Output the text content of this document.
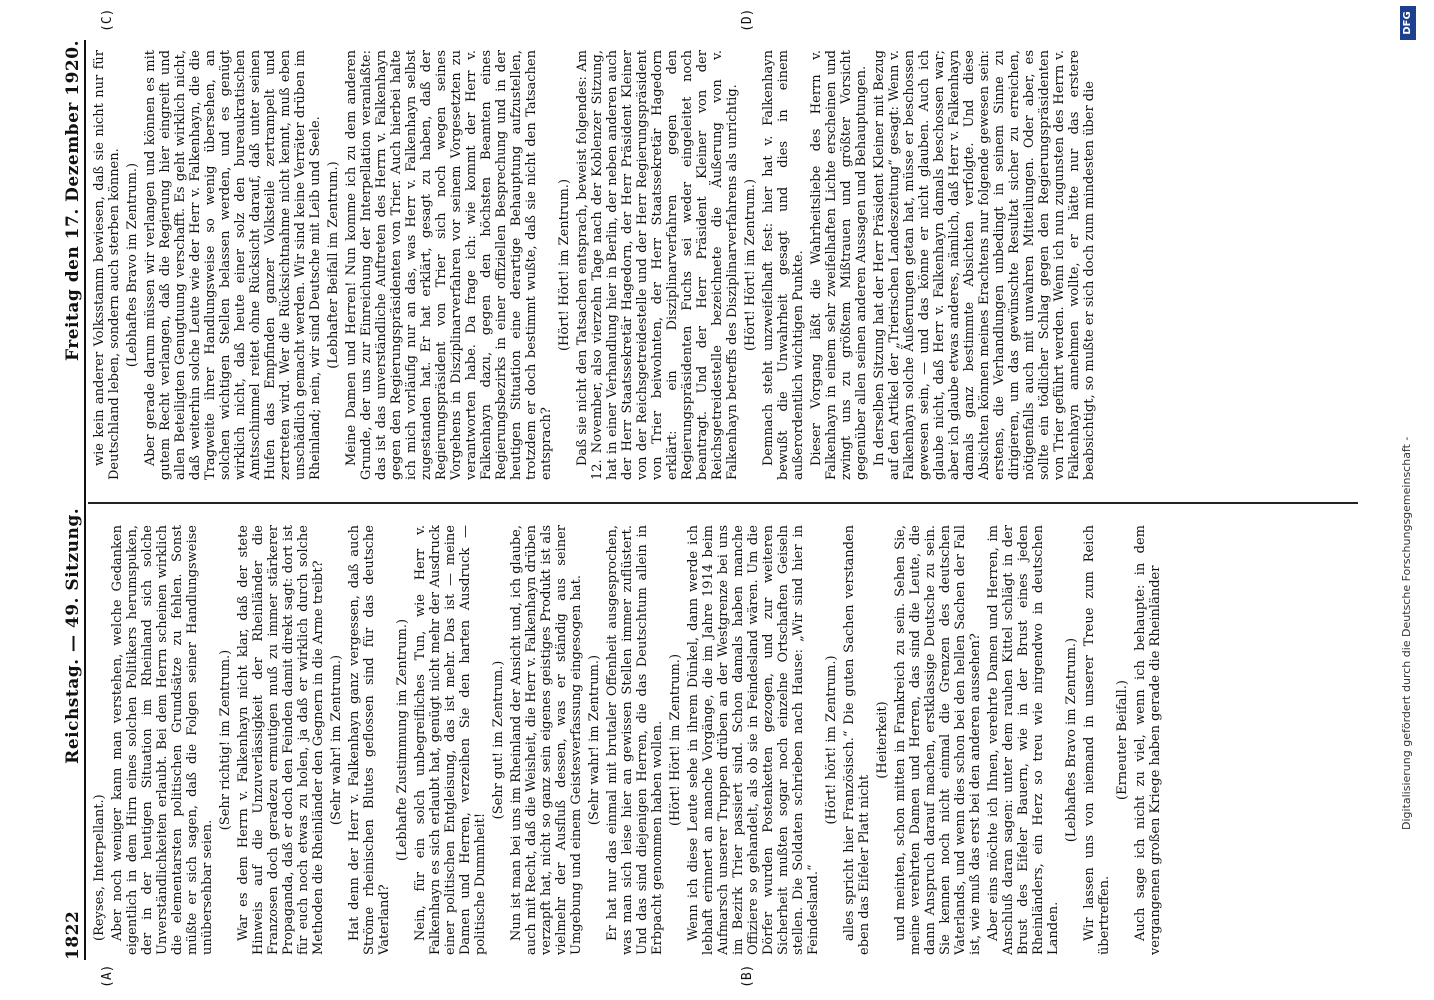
1822
Reichstag. — 49. Sitzung.
Freitag den 17. Dezember 1920.
(A)	(B)
(C)	(D)

(Reyses, Interpellant.) Aber noch weniger kann man verstehen, welche Gedanken eigentlich in dem Hirn eines solchen Politikers herumspuken, der in der heutigen Situation im Rheinland sich solche Unverständlichkeiten erlaubt. Bei dem Herrn scheinen wirklich die elementarsten politischen Grundsätze zu fehlen. Sonst müßte er sich sagen, daß die Folgen seiner Handlungsweise unübersehbar seien.

(Sehr richtig! im Zentrum.) War es dem Herrn v. Falkenhayn nicht klar, daß der stete Hinweis auf die Unzuverlässigkeit der Rheinländer die Franzosen doch geradezu ermutigen muß zu immer stärkerer Propaganda, daß er doch den Feinden damit direkt sagt: dort ist für euch noch etwas zu holen, ja daß er wirklich durch solche Methoden die Rheinländer den Gegnern in die Arme treibt? (Sehr wahr! im Zentrum.) Hat denn der Herr v. Falkenhayn ganz vergessen, daß auch Ströme rheinischen Blutes geflossen sind für das deutsche Vaterland?

(Lebhafte Zustimmung im Zentrum.) Nein, für ein solch unbegreifliches Tun, wie Herr v. Falkenhayn es sich erlaubt hat, genügt nicht mehr der Ausdruck einer politischen Entgleisung, das ist mehr. Das ist — meine Damen und Herren, verzeihen Sie den harten Ausdruck — politische Dummheit!

(Sehr gut! im Zentrum.) Nun ist man bei uns im Rheinland der Ansicht und, ich glaube, auch mit Recht, daß die Weisheit, die Herr v. Falkenhayn drüben verzapft hat, nicht so ganz sein eigenes geistiges Produkt ist als vielmehr der Ausfluß dessen, was er ständig aus seiner Umgebung und einem Geistesverfassung eingesogen hat. (Sehr wahr! im Zentrum.) Er hat nur das einmal mit brutaler Offenheit ausgesprochen, was man sich leise hier an gewissen Stellen immer zuflüstert. Und das sind diejenigen Herren, die das Deutschtum allein in Erbpacht genommen haben wollen. (Hört! Hört! im Zentrum.) Wenn ich diese Leute sehe in ihrem Dünkel, dann werde ich lebhaft erinnert an manche Vorgänge, die im Jahre 1914 beim Aufmarsch unserer Truppen drüben an der Westgrenze bei uns im Bezirk Trier passiert sind. Schon damals haben manche Offiziere so gehandelt, als ob sie in Feindesland wären. Um die Dörfer wurden Postenketten gezogen, und zur weiteren Sicherheit mußten sogar noch einzelne Ortschaften Geiseln stellen. Die Soldaten schrieben nach Hause: „Wir sind hier in Feindesland.“

(Hört! hört! im Zentrum.) alles spricht hier Französisch.“ Die guten Sachen verstanden eben das Eifeler Platt nicht

(Heiterkeit) und meinten, schon mitten in Frankreich zu sein. Sehen Sie, meine verehrten Damen und Herren, das sind die Leute, die dann Anspruch darauf machen, erstklassige Deutsche zu sein. Sie kennen noch nicht einmal die Grenzen des deutschen Vaterlands, und wenn dies schon bei den hellen Sachen der Fall ist, wie muß das erst bei den anderen aussehen? Aber eins möchte ich Ihnen, verehrte Damen und Herren, im Anschluß daran sagen: unter dem rauhen Kittel schlägt in der Brust des Eifeler Bauern, wie in der Brust eines jeden Rheinländers, ein Herz so treu wie nirgendwo in deutschen Landen.

(Lebhaftes Bravo im Zentrum.) Wir lassen uns von niemand in unserer Treue zum Reich übertreffen.

(Erneuter Beifall.) Auch sage ich nicht zu viel, wenn ich behaupte: in dem vergangenen großen Kriege haben gerade die Rheinländer

wie kein anderer Volksstamm bewiesen, daß sie nicht nur für Deutschland leben, sondern auch sterben können. (Lebhaftes Bravo im Zentrum.) Aber gerade darum müssen wir verlangen und können es mit gutem Recht verlangen, daß die Regierung hier eingreift und allen Beteiligten Genugtuung verschafft. Es geht wirklich nicht, daß weiterhin solche Leute wie der Herr v. Falkenhayn, die die Tragweite ihrer Handlungsweise so wenig übersehen, an solchen wichtigen Stellen belassen werden, und es genügt wirklich nicht, daß heute einer solz den bureaukratischen Amtsschimmel reitet ohne Rücksicht darauf, daß unter seinen Hufen das Empfinden ganzer Volksteile zertrampelt und zertreten wird. Wer die Rücksichtnahme nicht kennt, muß eben unschädlich gemacht werden. Wir sind keine Verräter drüben im Rheinland; nein, wir sind Deutsche mit Leib und Seele. (Lebhafter Beifall im Zentrum.) Meine Damen und Herren! Nun komme ich zu dem anderen Grunde, der uns zur Einreichung der Interpellation veranlaßte: das ist das unverständliche Auftreten des Herrn v. Falkenhayn gegen den Regierungspräsidenten von Trier. Auch hierbei halte ich mich vorläufig nur an das, was Herr v. Falkenhayn selbst zugestanden hat. Er hat erklärt, gesagt zu haben, daß der Regierungspräsident von Trier sich noch wegen seines Vorgehens in Disziplinarverfahren vor seinem Vorgesetzten zu verantworten habe. Da frage ich: wie kommt der Herr v. Falkenhayn dazu, gegen den höchsten Beamten eines Regierungsbezirks in einer offiziellen Besprechung und in der heutigen Situation eine derartige Behauptung aufzustellen, trotzdem er doch bestimmt wußte, daß sie nicht den Tatsachen entsprach?

(Hört! Hört! im Zentrum.) Daß sie nicht den Tatsachen entsprach, beweist folgendes: Am 12. November, also vierzehn Tage nach der Koblenzer Sitzung, hat in einer Verhandlung hier in Berlin, der neben anderen auch der Herr Staatssekretär Hagedorn, der Herr Präsident Kleiner von der Reichsgetreidestelle und der Herr Regierungspräsident von Trier beiwohnten, der Herr Staatssekretär Hagedorn erklärt: ein Disziplinarverfahren gegen den Regierungspräsidenten Fuchs sei weder eingeleitet noch beantragt. Und der Herr Präsident Kleiner von der Reichsgetreidestelle bezeichnete die Äußerung von v. Falkenhayn betreffs des Disziplinarverfahrens als unrichtig. (Hört! Hört! im Zentrum.) Demnach steht unzweifelhaft fest: hier hat v. Falkenhayn bewußt die Unwahrheit gesagt und dies in einem außerordentlich wichtigen Punkte. Dieser Vorgang läßt die Wahrheitsliebe des Herrn v. Falkenhayn in einem sehr zweifelhaften Lichte erscheinen und zwingt uns zu größtem Mißtrauen und größter Vorsicht gegenüber allen seinen anderen Aussagen und Behauptungen. In derselben Sitzung hat der Herr Präsident Kleiner mit Bezug auf den Artikel der „Trierischen Landeszeitung“ gesagt: Wenn v. Falkenhayn solche Äußerungen getan hat, müsse er beschossen gewesen sein, — und das könne er nicht glauben. Auch ich glaube nicht, daß Herr v. Falkenhayn damals beschossen war; aber ich glaube etwas anderes, nämlich, daß Herr v. Falkenhayn damals ganz bestimmte Absichten verfolgte. Und diese Absichten können meines Erachtens nur folgende gewesen sein: erstens, die Verhandlungen unbedingt in seinem Sinne zu dirigieren, um das gewünschte Resultat sicher zu erreichen, nötigenfalls auch mit unwahren Mitteilungen. Oder aber, es sollte ein tödlicher Schlag gegen den Regierungspräsidenten von Trier geführt werden. Wenn ich nun zugunsten des Herrn v. Falkenhayn annehmen wollte, er hätte nur das erstere beabsichtigt, so mußte er sich doch zum mindesten über die

Digitalisierung gefördert durch die Deutsche Forschungsgemeinschaft -
DFG
